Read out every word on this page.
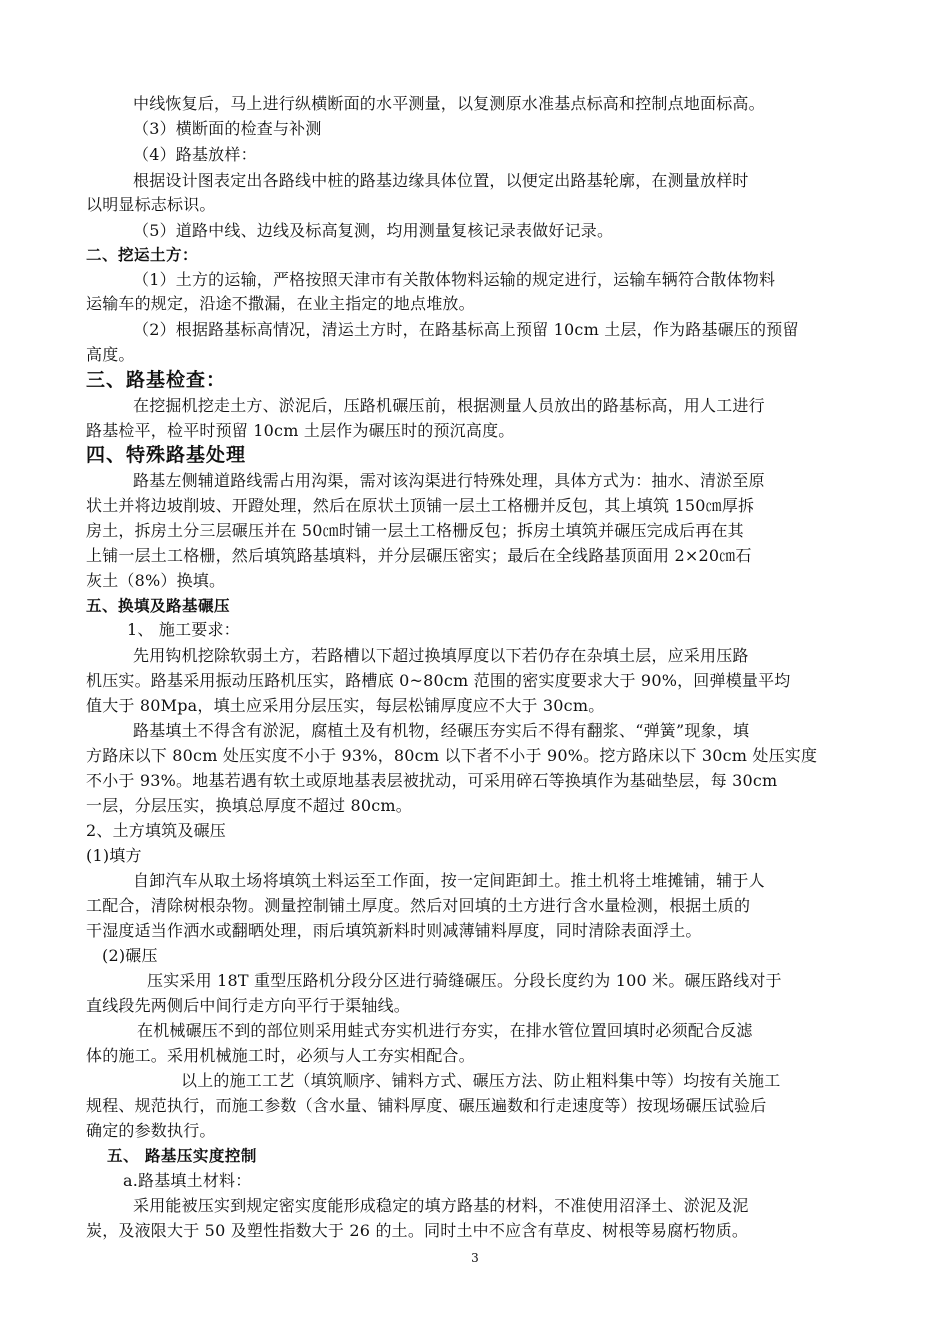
中线恢复后，马上进行纵横断面的水平测量，以复测原水准基点标高和控制点地面标高。
（3）横断面的检查与补测
（4）路基放样：
根据设计图表定出各路线中桩的路基边缘具体位置，以便定出路基轮廓，在测量放样时
以明显标志标识。
（5）道路中线、边线及标高复测，均用测量复核记录表做好记录。
二、挖运土方：
（1）土方的运输，严格按照天津市有关散体物料运输的规定进行，运输车辆符合散体物料
运输车的规定，沿途不撒漏，在业主指定的地点堆放。
（2）根据路基标高情况，清运土方时，在路基标高上预留 10cm 土层，作为路基碾压的预留
高度。
三、路基检查：
在挖掘机挖走土方、淤泥后，压路机碾压前，根据测量人员放出的路基标高，用人工进行
路基检平，检平时预留 10cm 土层作为碾压时的预沉高度。
四、特殊路基处理
路基左侧辅道路线需占用沟渠，需对该沟渠进行特殊处理，具体方式为：抽水、清淤至原
状土并将边坡削坡、开蹬处理，然后在原状土顶铺一层土工格栅并反包，其上填筑 150㎝厚拆
房土，拆房土分三层碾压并在 50㎝时铺一层土工格栅反包；拆房土填筑并碾压完成后再在其
上铺一层土工格栅，然后填筑路基填料，并分层碾压密实；最后在全线路基顶面用 2×20㎝石
灰土（8%）换填。
五、换填及路基碾压
1、 施工要求：
先用钩机挖除软弱土方，若路槽以下超过换填厚度以下若仍存在杂填土层，应采用压路
机压实。路基采用振动压路机压实，路槽底 0~80cm 范围的密实度要求大于 90%，回弹模量平均
值大于 80Mpa，填土应采用分层压实，每层松铺厚度应不大于 30cm。
路基填土不得含有淤泥，腐植土及有机物，经碾压夯实后不得有翻浆、“弹簧”现象，填
方路床以下 80cm 处压实度不小于 93%，80cm 以下者不小于 90%。挖方路床以下 30cm 处压实度
不小于 93%。地基若遇有软土或原地基表层被扰动，可采用碎石等换填作为基础垫层，每 30cm
一层，分层压实，换填总厚度不超过 80cm。
2、土方填筑及碾压
(1)填方
自卸汽车从取土场将填筑土料运至工作面，按一定间距卸土。推土机将土堆摊铺，辅于人
工配合，清除树根杂物。测量控制铺土厚度。然后对回填的土方进行含水量检测，根据土质的
干湿度适当作洒水或翻晒处理，雨后填筑新料时则减薄铺料厚度，同时清除表面浮土。
(2)碾压
压实采用 18T 重型压路机分段分区进行骑缝碾压。分段长度约为 100 米。碾压路线对于
直线段先两侧后中间行走方向平行于渠轴线。
在机械碾压不到的部位则采用蛙式夯实机进行夯实，在排水管位置回填时必须配合反滤
体的施工。采用机械施工时，必须与人工夯实相配合。
以上的施工工艺（填筑顺序、铺料方式、碾压方法、防止粗料集中等）均按有关施工
规程、规范执行，而施工参数（含水量、铺料厚度、碾压遍数和行走速度等）按现场碾压试验后
确定的参数执行。
五、 路基压实度控制
a.路基填土材料：
采用能被压实到规定密实度能形成稳定的填方路基的材料，不准使用沼泽土、淤泥及泥
炭，及液限大于 50 及塑性指数大于 26 的土。同时土中不应含有草皮、树根等易腐朽物质。
3
